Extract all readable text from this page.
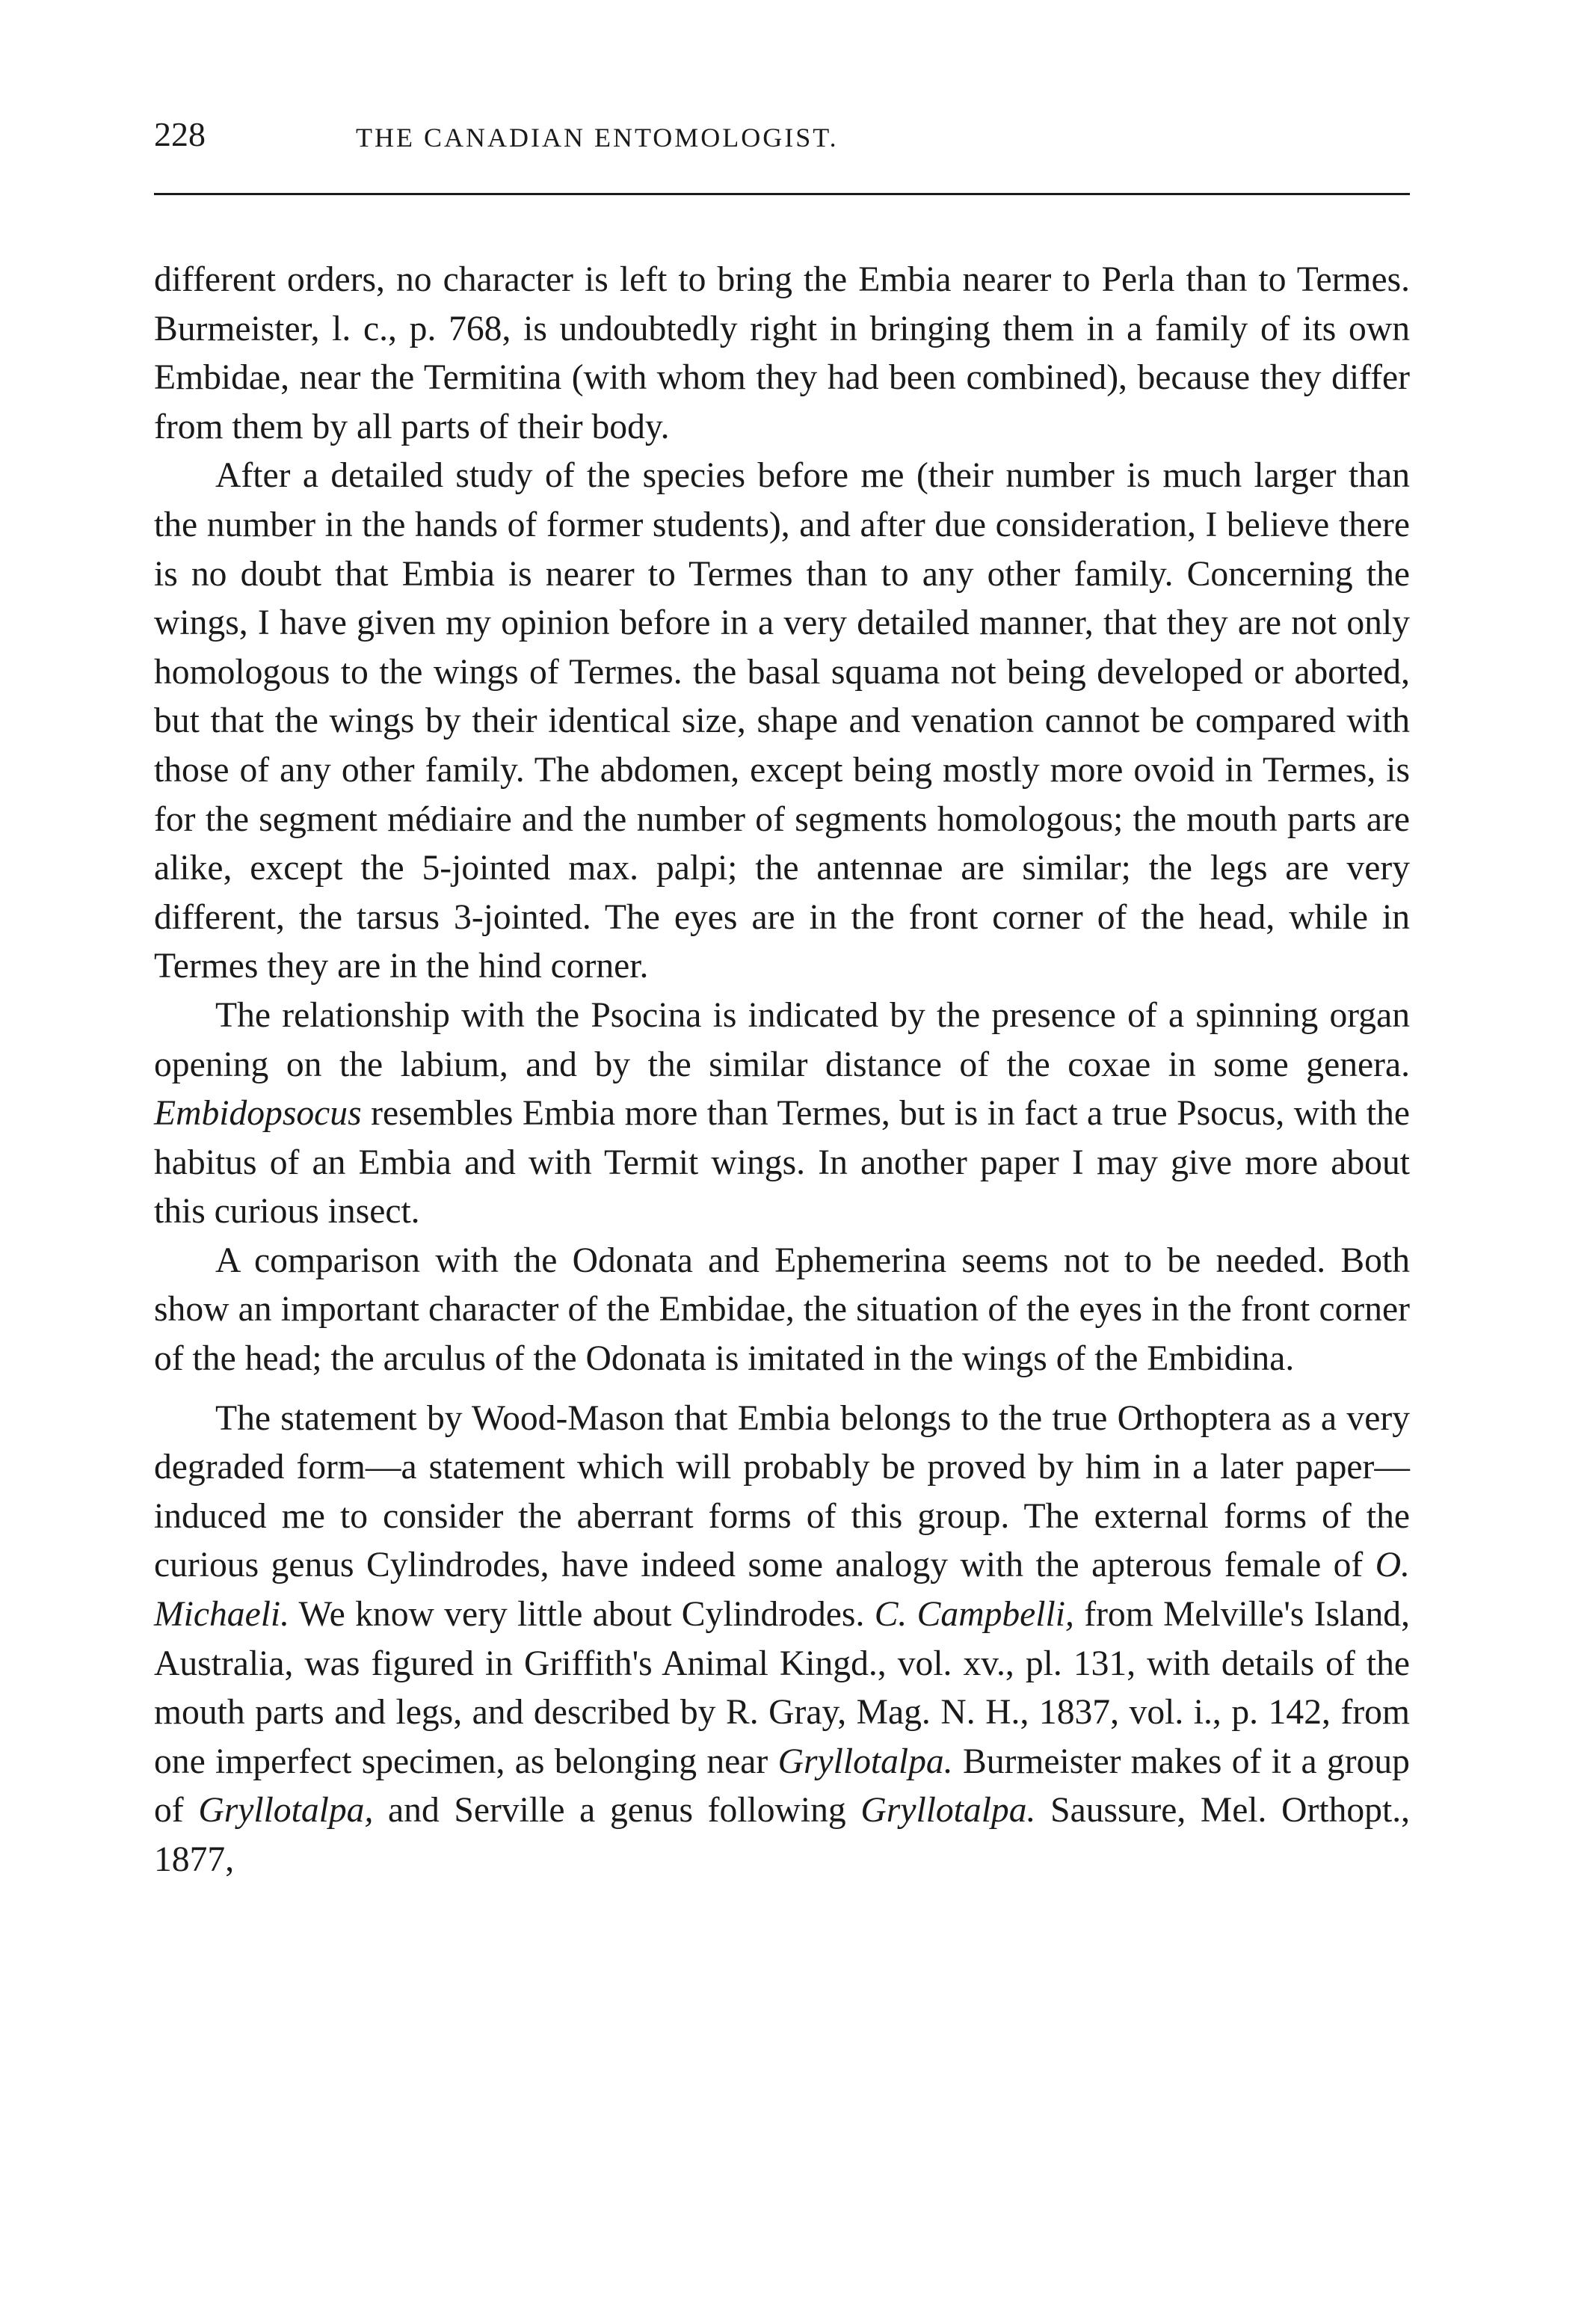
228	THE CANADIAN ENTOMOLOGIST.

different orders, no character is left to bring the Embia nearer to Perla than to Termes. Burmeister, l. c., p. 768, is undoubtedly right in bringing them in a family of its own Embidae, near the Termitina (with whom they had been combined), because they differ from them by all parts of their body.

After a detailed study of the species before me (their number is much larger than the number in the hands of former students), and after due consideration, I believe there is no doubt that Embia is nearer to Termes than to any other family. Concerning the wings, I have given my opinion before in a very detailed manner, that they are not only homologous to the wings of Termes. the basal squama not being developed or aborted, but that the wings by their identical size, shape and venation cannot be compared with those of any other family. The abdomen, except being mostly more ovoid in Termes, is for the segment médiaire and the number of segments homologous; the mouth parts are alike, except the 5-jointed max. palpi; the antennae are similar; the legs are very different, the tarsus 3-jointed. The eyes are in the front corner of the head, while in Termes they are in the hind corner.

The relationship with the Psocina is indicated by the presence of a spinning organ opening on the labium, and by the similar distance of the coxae in some genera. Embidopsocus resembles Embia more than Termes, but is in fact a true Psocus, with the habitus of an Embia and with Termit wings. In another paper I may give more about this curious insect.

A comparison with the Odonata and Ephemerina seems not to be needed. Both show an important character of the Embidae, the situation of the eyes in the front corner of the head; the arculus of the Odonata is imitated in the wings of the Embidina.

The statement by Wood-Mason that Embia belongs to the true Orthoptera as a very degraded form—a statement which will probably be proved by him in a later paper—induced me to consider the aberrant forms of this group. The external forms of the curious genus Cylindrodes, have indeed some analogy with the apterous female of O. Michaeli. We know very little about Cylindrodes. C. Campbelli, from Melville's Island, Australia, was figured in Griffith's Animal Kingd., vol. xv., pl. 131, with details of the mouth parts and legs, and described by R. Gray, Mag. N. H., 1837, vol. i., p. 142, from one imperfect specimen, as belonging near Gryllotalpa. Burmeister makes of it a group of Gryllotalpa, and Serville a genus following Gryllotalpa. Saussure, Mel. Orthopt., 1877,
